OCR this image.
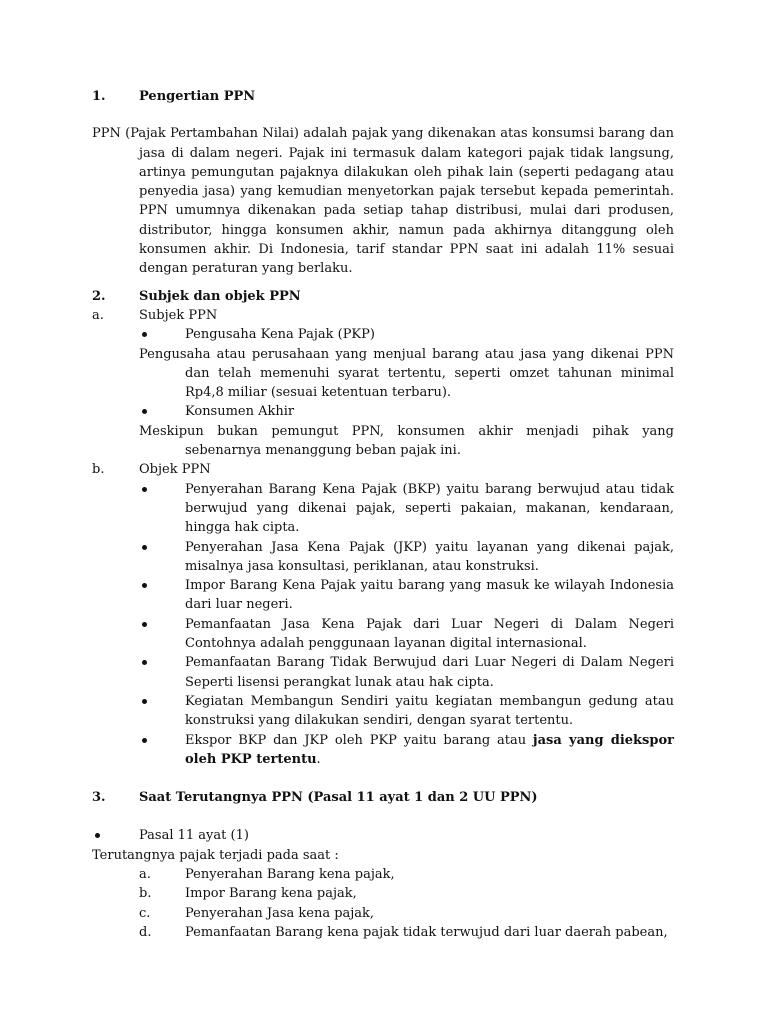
1.	Pengertian PPN
PPN (Pajak Pertambahan Nilai) adalah pajak yang dikenakan atas konsumsi barang dan jasa di dalam negeri. Pajak ini termasuk dalam kategori pajak tidak langsung, artinya pemungutan pajaknya dilakukan oleh pihak lain (seperti pedagang atau penyedia jasa) yang kemudian menyetorkan pajak tersebut kepada pemerintah. PPN umumnya dikenakan pada setiap tahap distribusi, mulai dari produsen, distributor, hingga konsumen akhir, namun pada akhirnya ditanggung oleh konsumen akhir. Di Indonesia, tarif standar PPN saat ini adalah 11% sesuai dengan peraturan yang berlaku.
2.	Subjek dan objek PPN
a.	Subjek PPN
Pengusaha Kena Pajak (PKP)
Pengusaha atau perusahaan yang menjual barang atau jasa yang dikenai PPN dan telah memenuhi syarat tertentu, seperti omzet tahunan minimal Rp4,8 miliar (sesuai ketentuan terbaru).
Konsumen Akhir
Meskipun bukan pemungut PPN, konsumen akhir menjadi pihak yang sebenarnya menanggung beban pajak ini.
b.	Objek PPN
Penyerahan Barang Kena Pajak (BKP) yaitu barang berwujud atau tidak berwujud yang dikenai pajak, seperti pakaian, makanan, kendaraan, hingga hak cipta.
Penyerahan Jasa Kena Pajak (JKP) yaitu layanan yang dikenai pajak, misalnya jasa konsultasi, periklanan, atau konstruksi.
Impor Barang Kena Pajak yaitu barang yang masuk ke wilayah Indonesia dari luar negeri.
Pemanfaatan Jasa Kena Pajak dari Luar Negeri di Dalam Negeri Contohnya adalah penggunaan layanan digital internasional.
Pemanfaatan Barang Tidak Berwujud dari Luar Negeri di Dalam Negeri Seperti lisensi perangkat lunak atau hak cipta.
Kegiatan Membangun Sendiri yaitu kegiatan membangun gedung atau konstruksi yang dilakukan sendiri, dengan syarat tertentu.
Ekspor BKP dan JKP oleh PKP yaitu barang atau jasa yang diekspor oleh PKP tertentu.
3.	Saat Terutangnya PPN (Pasal 11 ayat 1 dan 2 UU PPN)
Pasal 11 ayat (1)
Terutangnya pajak terjadi pada saat :
a.	Penyerahan Barang kena pajak,
b.	Impor Barang kena pajak,
c.	Penyerahan Jasa kena pajak,
d.	Pemanfaatan Barang kena pajak tidak terwujud dari luar daerah pabean,
